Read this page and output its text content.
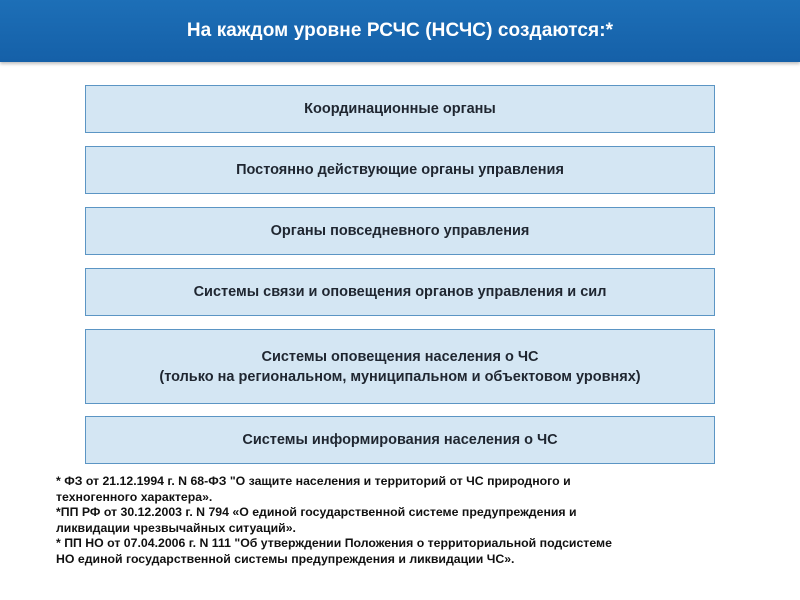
На каждом уровне РСЧС (НСЧС) создаются:*
Координационные органы
Постоянно действующие органы управления
Органы повседневного управления
Системы связи и оповещения органов управления и сил
Системы оповещения населения о ЧС
(только на региональном, муниципальном и объектовом уровнях)
Системы информирования населения о ЧС

* ФЗ от 21.12.1994 г. N 68-ФЗ "О защите населения и территорий от ЧС природного и
техногенного характера».

*ПП РФ от 30.12.2003 г. N 794 «О единой государственной системе предупреждения и
ликвидации чрезвычайных ситуаций».

* ПП НО от 07.04.2006 г. N 111 "Об утверждении Положения о территориальной подсистеме
НО единой государственной системы предупреждения и ликвидации ЧС».
